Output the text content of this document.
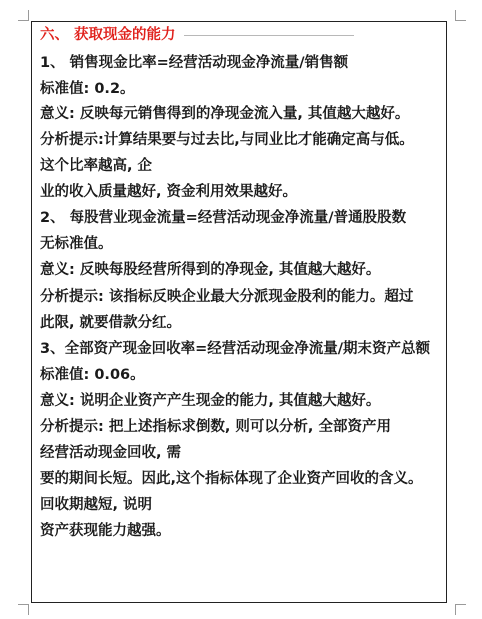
六、 获取现金的能力
1、 销售现金比率=经营活动现金净流量/销售额
标准值: 0.2。
意义: 反映每元销售得到的净现金流入量, 其值越大越好。
分析提示:计算结果要与过去比,与同业比才能确定高与低。
这个比率越高, 企
业的收入质量越好, 资金利用效果越好。
2、 每股营业现金流量=经营活动现金净流量/普通股股数
无标准值。
意义: 反映每股经营所得到的净现金, 其值越大越好。
分析提示: 该指标反映企业最大分派现金股利的能力。超过
此限, 就要借款分红。
3、全部资产现金回收率=经营活动现金净流量/期末资产总额
标准值: 0.06。
意义: 说明企业资产产生现金的能力, 其值越大越好。
分析提示: 把上述指标求倒数, 则可以分析, 全部资产用
经营活动现金回收, 需
要的期间长短。因此,这个指标体现了企业资产回收的含义。
回收期越短, 说明
资产获现能力越强。
